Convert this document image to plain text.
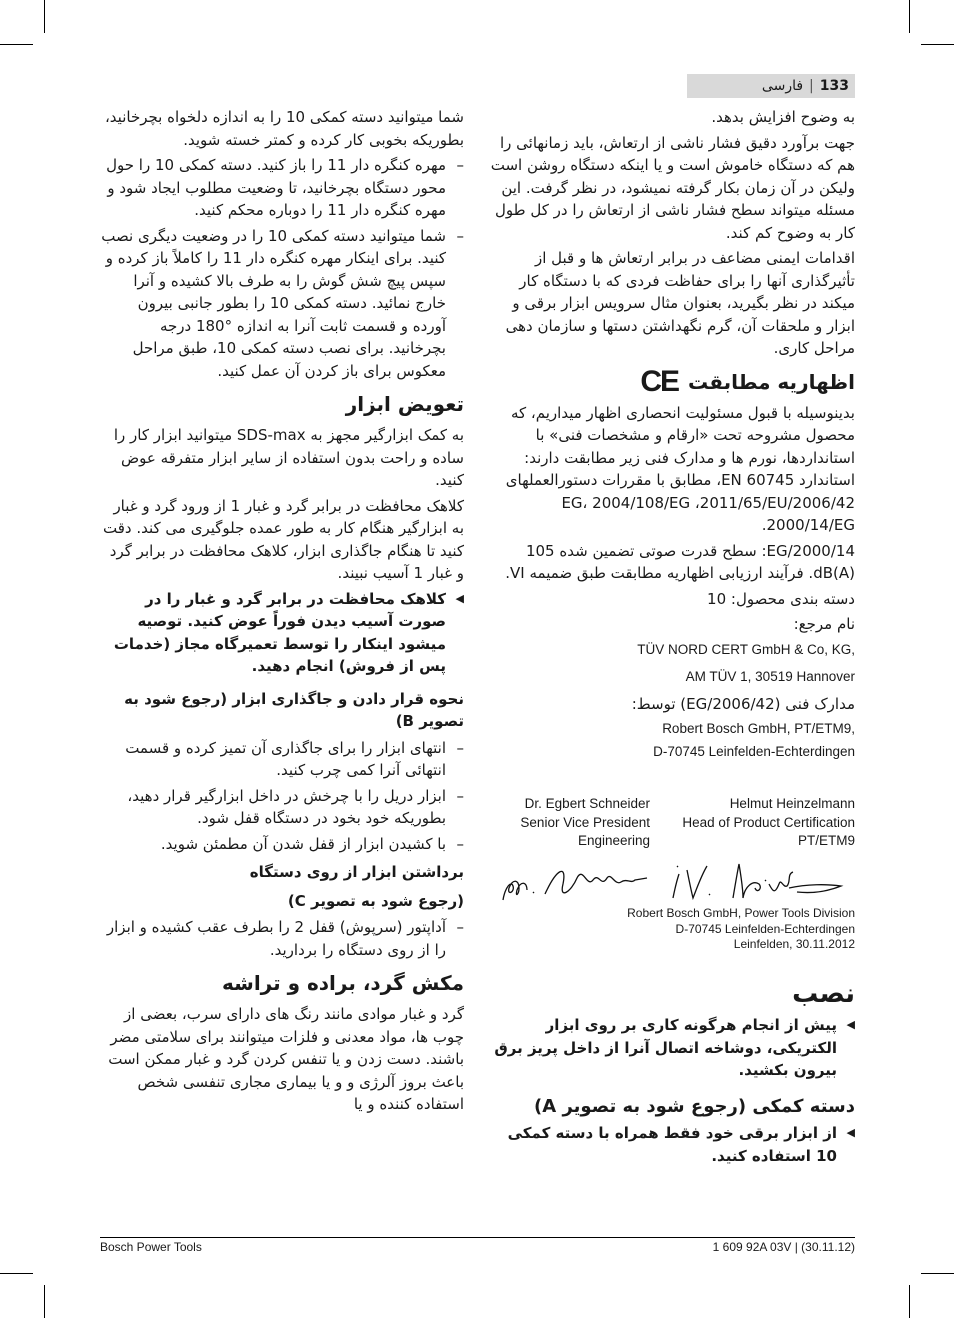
133|فارسی

به وضوح افزایش بدهد.

جهت برآورد دقیق فشار ناشی از ارتعاش، باید زمانهائی را هم که دستگاه خاموش است و یا اینکه دستگاه روشن است ولیکن در آن زمان بکار گرفته نمیشود، در نظر گرفت. این مسئله میتواند سطح فشار ناشی از ارتعاش را در کل طول کار به وضوح کم کند.

اقدامات ایمنی مضاعف در برابر ارتعاش ها و قبل از تأثیرگذاری آنها را برای حفاظت فردی که با دستگاه کار میکند در نظر بگیرید، بعنوان مثال سرویس ابزار برقی و ابزار و ملحقات آن، گرم نگهداشتن دستها و سازمان دهی مراحل کاری.

اظهاریه مطابقت
CE

بدینوسیله با قبول مسئولیت انحصاری اظهار میداریم، که محصول مشروحه تحت «ارقام و مشخصات فنی» با استانداردها، نورم ها و مدارک فنی زیر مطابقت دارند: استاندارد EN 60745، مطابق با مقررات دستورالعملهای 2006/42/EG، 2004/108/EG ،2011/65/EU 2000/14/EG.

2000/14/EG: سطح قدرت صوتی تضمین شده 105 dB(A). فرآیند ارزیابی اظهاریه مطابقت طبق ضمیمه VI.

دسته بندی محصول: 10

نام مرجع:

TÜV NORD CERT GmbH & Co, KG,
AM TÜV 1, 30519 Hannover

مدارک فنی (2006/42/EG) توسط:

Robert Bosch GmbH, PT/ETM9,
D-70745 Leinfelden-Echterdingen

Dr. Egbert Schneider
Senior Vice President
Engineering
Helmut Heinzelmann
Head of Product Certification
PT/ETM9
Robert Bosch GmbH, Power Tools Division
D-70745 Leinfelden-Echterdingen
Leinfelden, 30.11.2012
نصب
◀
پیش از انجام هرگونه کاری بر روی ابزار الکتریکی، دوشاخه اتصال آنرا از داخل پریز برق بیرون بکشید.
دسته کمکی (رجوع شود به تصویر A)
◀
از ابزار برقی خود فقط همراه با دسته کمکی 10 استفاده کنید.

شما میتوانید دسته کمکی 10 را به اندازه دلخواه بچرخانید، بطوریکه بخوبی کار کرده و کمتر خسته شوید.

– مهره کنگره دار 11 را باز کنید. دسته کمکی 10 را حول محور دستگاه بچرخانید، تا وضعیت مطلوب ایجاد شود و مهره کنگره دار 11 را دوباره محکم کنید.
– شما میتوانید دسته کمکی 10 را در وضعیت دیگری نصب کنید. برای اینکار مهره کنگره دار 11 را کاملاً باز کرده و سپس پیچ شش گوش را به طرف بالا کشیده و آنرا خارج نمائید. دسته کمکی 10 را بطور جانبی بیرون آورده و قسمت ثابت آنرا به اندازه °180 درجه بچرخانید. برای نصب دسته کمکی 10، طبق مراحل معکوس برای باز کردن آن عمل کنید.
تعویض ابزار

به کمک ابزارگیر مجهز به SDS-max میتوانید ابزار کار را ساده و راحت بدون استفاده از سایر ابزار متفرقه عوض کنید.

کلاهک محافظت در برابر گرد و غبار 1 از ورود گرد و غبار به ابزارگیر هنگام کار به طور عمده جلوگیری می کند. دقت کنید تا هنگام جاگذاری ابزار، کلاهک محافظت در برابر گرد و غبار 1 آسیب نبیند.

◀
کلاهک محافظت در برابر گرد و غبار را در صورت آسیب دیدن فوراً عوض کنید. توصیه میشود اینکار را توسط تعمیرگاه مجاز (خدمات پس از فروش) انجام دهید.
نحوه قرار دادن و جاگذاری ابزار (رجوع شود به تصویر B)
– انتهای ابزار را برای جاگذاری آن تمیز کرده و قسمت انتهائی آنرا کمی چرب کنید.
– ابزار دریل را با چرخش در داخل ابزارگیر قرار دهید، بطوریکه خود بخود در دستگاه قفل شود.
– با کشیدن ابزار از قفل شدن آن مطمئن شوید.
برداشتن ابزار از روی دستگاه
(رجوع شود به تصویر C)
– آداپتور (سرپوش) قفل 2 را بطرف عقب کشیده و ابزار را از روی دستگاه را بردارید.
مکش گرد، براده و تراشه

گرد و غبار موادی مانند رنگ های دارای سرب، بعضی از چوب ها، مواد معدنی و فلزات میتوانند برای سلامتی مضر باشند. دست زدن و یا تنفس کردن گرد و غبار ممکن است باعث بروز آلرژی و و یا بیماری مجاری تنفسی شخص استفاده کننده و یا

Bosch Power Tools	1 609 92A 03V | (30.11.12)
